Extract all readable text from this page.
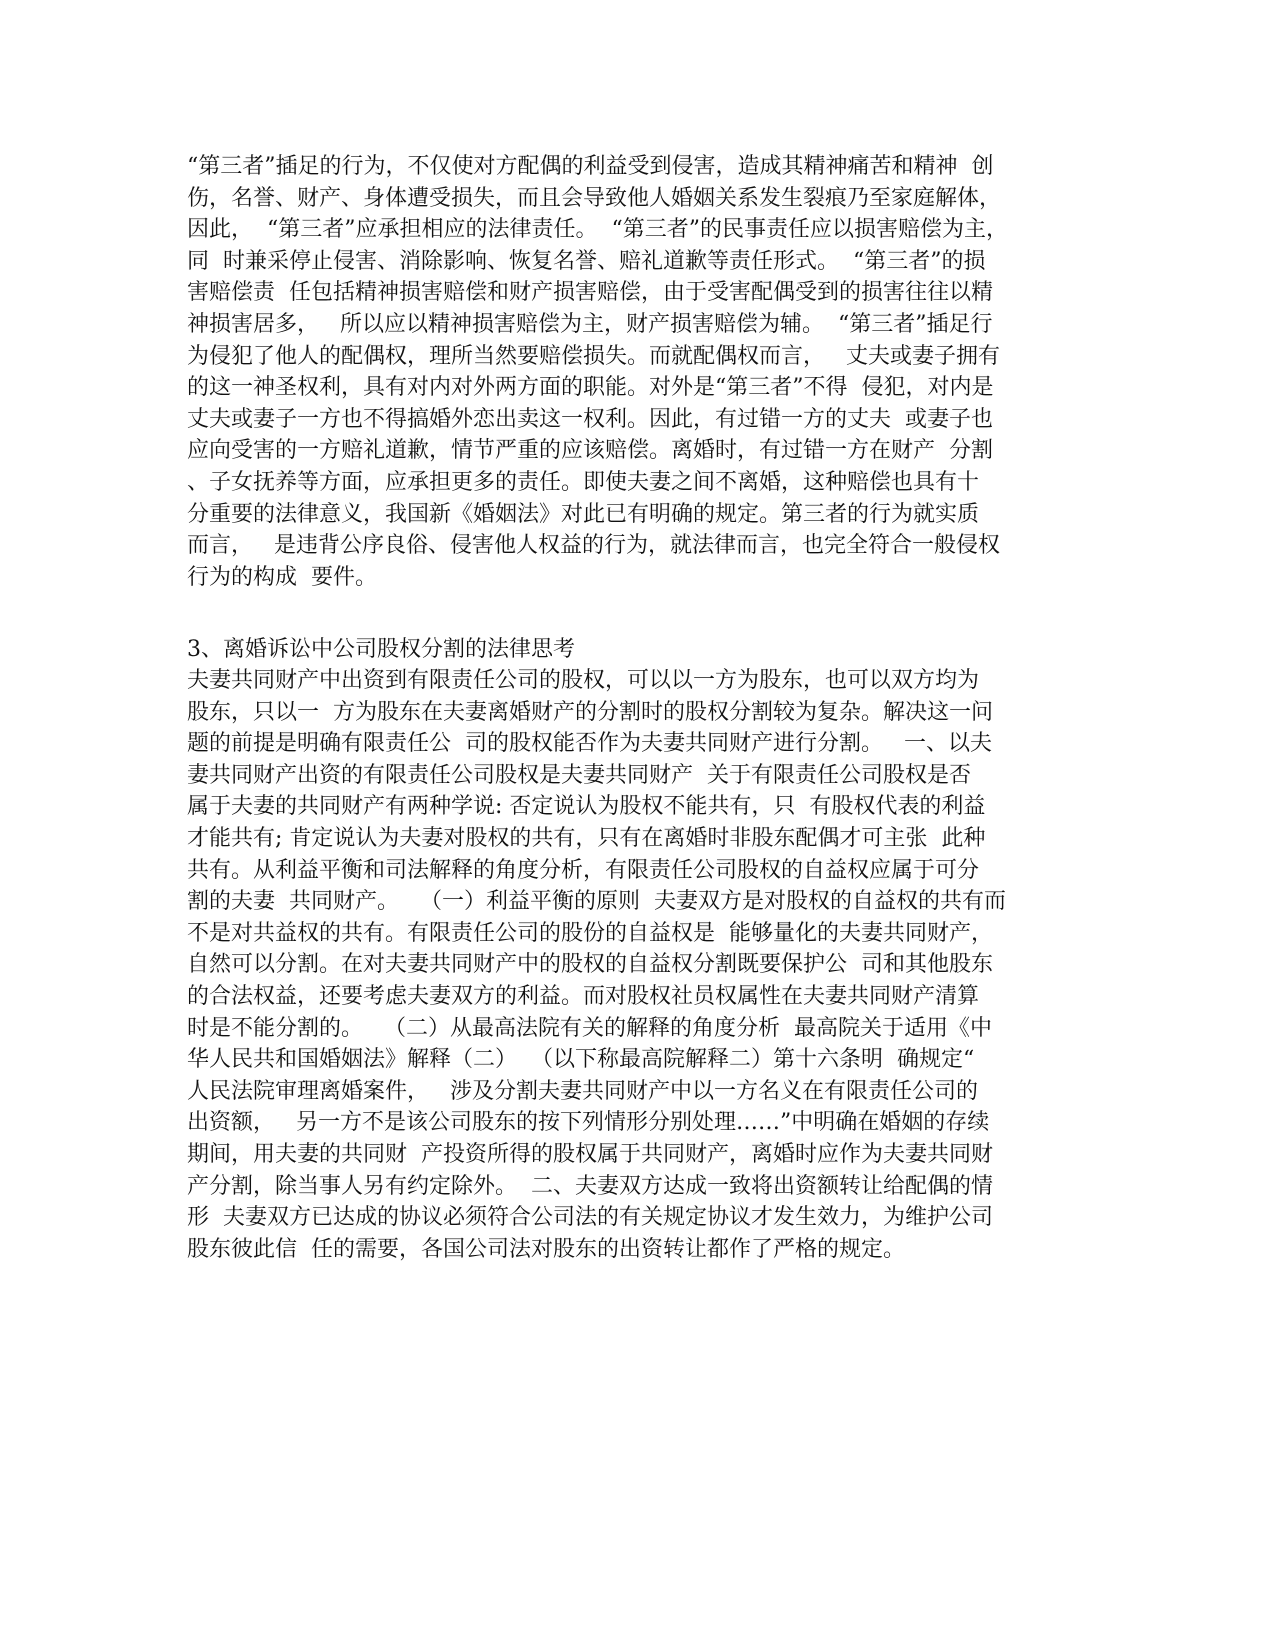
“第三者”插足的行为，不仅使对方配偶的利益受到侵害，造成其精神痛苦和精神  创
伤，名誉、财产、身体遭受损失，而且会导致他人婚姻关系发生裂痕乃至家庭解体，
因此，  “第三者”应承担相应的法律责任。  “第三者”的民事责任应以损害赔偿为主，
同  时兼采停止侵害、消除影响、恢复名誉、赔礼道歉等责任形式。  “第三者”的损
害赔偿责  任包括精神损害赔偿和财产损害赔偿，由于受害配偶受到的损害往往以精
神损害居多，   所以应以精神损害赔偿为主，财产损害赔偿为辅。  “第三者”插足行
为侵犯了他人的配偶权，理所当然要赔偿损失。而就配偶权而言，   丈夫或妻子拥有
的这一神圣权利，具有对内对外两方面的职能。对外是“第三者”不得  侵犯，对内是
丈夫或妻子一方也不得搞婚外恋出卖这一权利。因此，有过错一方的丈夫  或妻子也
应向受害的一方赔礼道歉，情节严重的应该赔偿。离婚时，有过错一方在财产  分割
、子女抚养等方面，应承担更多的责任。即使夫妻之间不离婚，这种赔偿也具有十
分重要的法律意义，我国新《婚姻法》对此已有明确的规定。第三者的行为就实质
而言，   是违背公序良俗、侵害他人权益的行为，就法律而言，也完全符合一般侵权
行为的构成  要件。
3、离婚诉讼中公司股权分割的法律思考
夫妻共同财产中出资到有限责任公司的股权，可以以一方为股东，也可以双方均为
股东，只以一  方为股东在夫妻离婚财产的分割时的股权分割较为复杂。解决这一问
题的前提是明确有限责任公  司的股权能否作为夫妻共同财产进行分割。   一、以夫
妻共同财产出资的有限责任公司股权是夫妻共同财产  关于有限责任公司股权是否
属于夫妻的共同财产有两种学说: 否定说认为股权不能共有，只  有股权代表的利益
才能共有; 肯定说认为夫妻对股权的共有，只有在离婚时非股东配偶才可主张  此种
共有。从利益平衡和司法解释的角度分析，有限责任公司股权的自益权应属于可分
割的夫妻  共同财产。   （一）利益平衡的原则  夫妻双方是对股权的自益权的共有而
不是对共益权的共有。有限责任公司的股份的自益权是  能够量化的夫妻共同财产，
自然可以分割。在对夫妻共同财产中的股权的自益权分割既要保护公  司和其他股东
的合法权益，还要考虑夫妻双方的利益。而对股权社员权属性在夫妻共同财产清算
时是不能分割的。   （二）从最高法院有关的解释的角度分析  最高院关于适用《中
华人民共和国婚姻法》解释（二）  （以下称最高院解释二）第十六条明  确规定“
人民法院审理离婚案件，   涉及分割夫妻共同财产中以一方名义在有限责任公司的
出资额，   另一方不是该公司股东的按下列情形分别处理……”中明确在婚姻的存续
期间，用夫妻的共同财  产投资所得的股权属于共同财产，离婚时应作为夫妻共同财
产分割，除当事人另有约定除外。  二、夫妻双方达成一致将出资额转让给配偶的情
形  夫妻双方已达成的协议必须符合公司法的有关规定协议才发生效力，为维护公司
股东彼此信  任的需要，各国公司法对股东的出资转让都作了严格的规定。
